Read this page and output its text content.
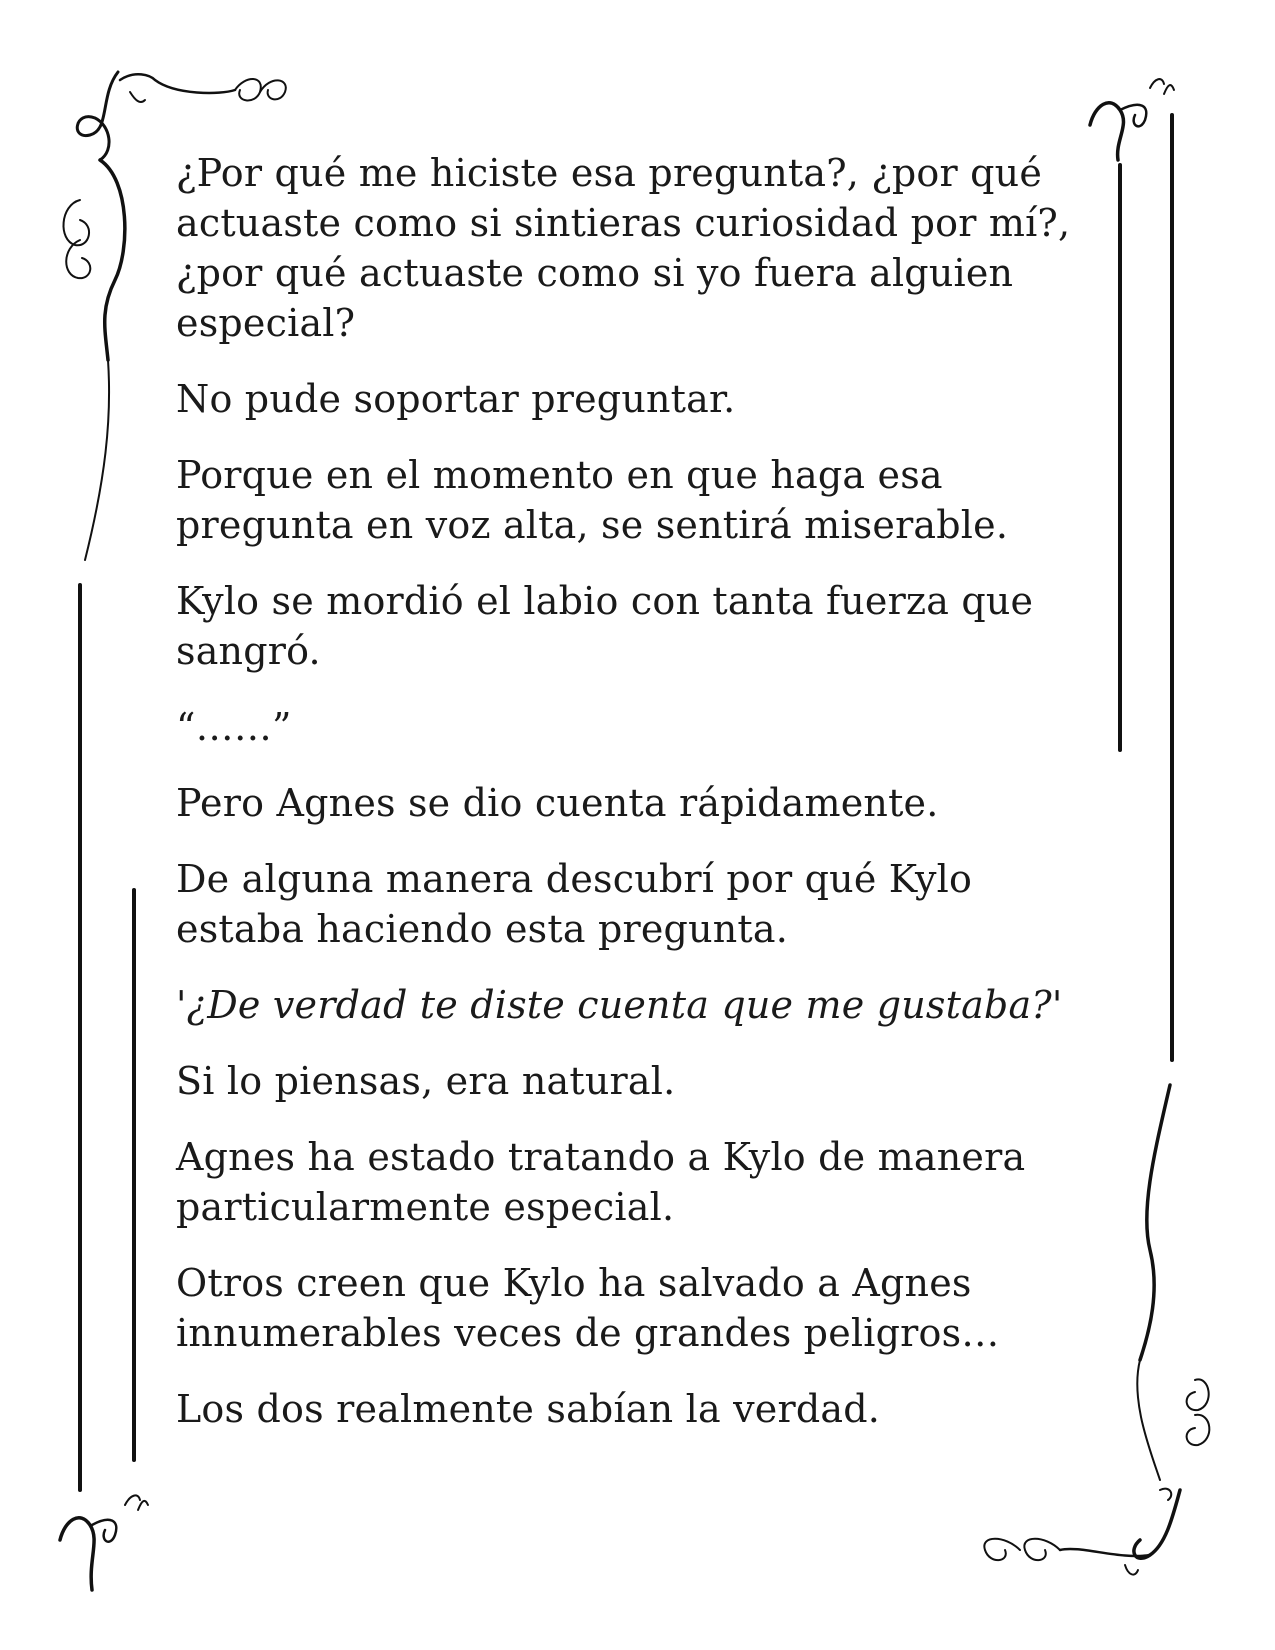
¿Por qué me hiciste esa pregunta?, ¿por qué actuaste como si sintieras curiosidad por mí?, ¿por qué actuaste como si yo fuera alguien especial?

No pude soportar preguntar.

Porque en el momento en que haga esa pregunta en voz alta, se sentirá miserable.

Kylo se mordió el labio con tanta fuerza que sangró.

“……”

Pero Agnes se dio cuenta rápidamente.

De alguna manera descubrí por qué Kylo estaba haciendo esta pregunta.

'¿De verdad te diste cuenta que me gustaba?'

Si lo piensas, era natural.

Agnes ha estado tratando a Kylo de manera particularmente especial.

Otros creen que Kylo ha salvado a Agnes innumerables veces de grandes peligros…

Los dos realmente sabían la verdad.
